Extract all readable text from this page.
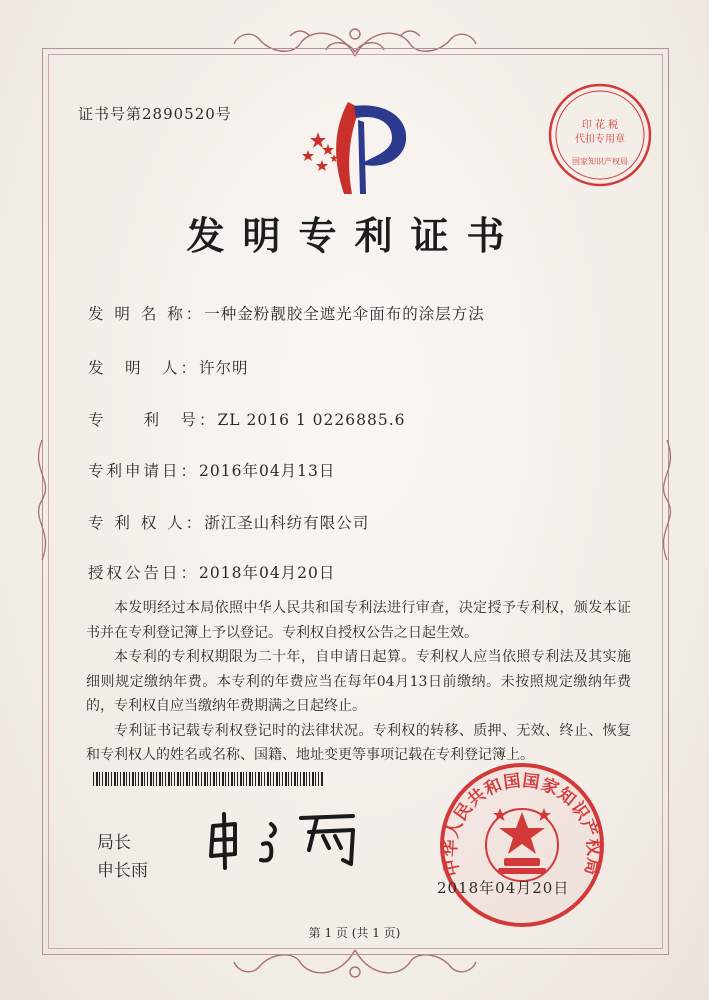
证书号第2890520号
印 花 税
代扣专用章
国家知识产权局
发明专利证书
发 明 名 称：一种金粉靓胶全遮光伞面布的涂层方法
发　明　人：许尔明
专　　利　号：ZL 2016 1 0226885.6
专利申请日：2016年04月13日
专 利 权 人：浙江圣山科纺有限公司
授权公告日：2018年04月20日

本发明经过本局依照中华人民共和国专利法进行审查，决定授予专利权，颁发本证书并在专利登记簿上予以登记。专利权自授权公告之日起生效。

本专利的专利权期限为二十年，自申请日起算。专利权人应当依照专利法及其实施细则规定缴纳年费。本专利的年费应当在每年04月13日前缴纳。未按照规定缴纳年费的，专利权自应当缴纳年费期满之日起终止。

专利证书记载专利权登记时的法律状况。专利权的转移、质押、无效、终止、恢复和专利权人的姓名或名称、国籍、地址变更等事项记载在专利登记簿上。

局长
申长雨	中华人民共和国国家知识产权局
2018年04月20日
第 1 页 (共 1 页)
